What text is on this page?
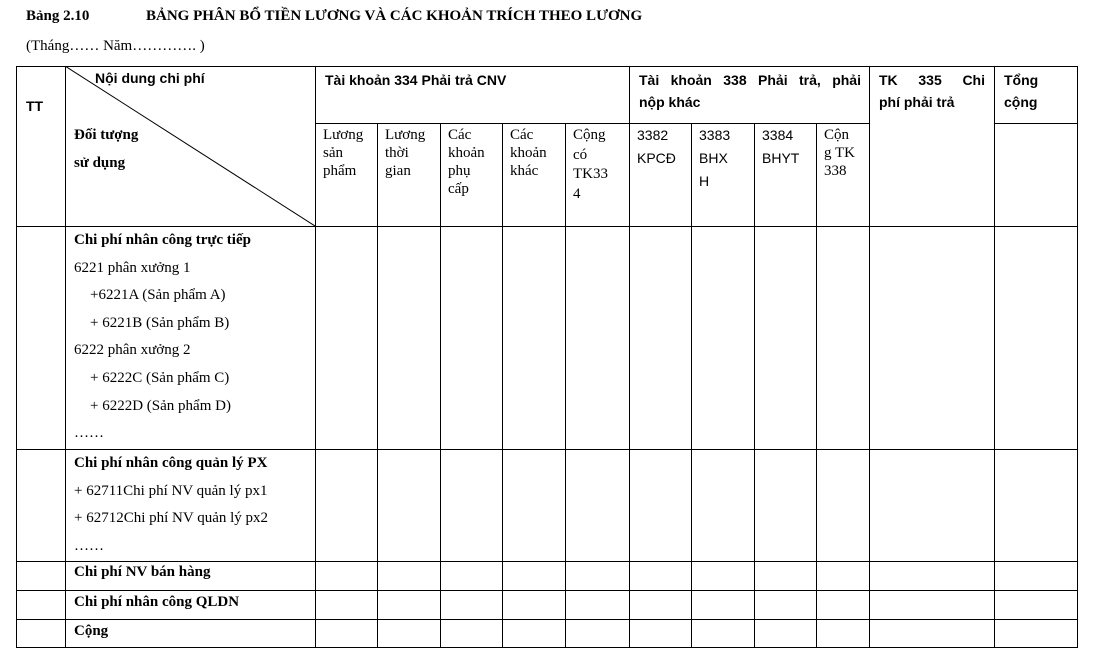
Bảng 2.10	BẢNG PHÂN BỔ TIỀN LƯƠNG VÀ CÁC KHOẢN TRÍCH THEO LƯƠNG
(Tháng…… Năm…………. )
TT
Nội dung chi phí
Đối tượng
sử dụng
Tài khoản 334 Phải trả CNV	Tài khoản 338 Phải trả, phải
nộp khác
TK 335 Chi
phí phải trả
Tổng
cộng
Lương
sản
phẩm
Lương
thời
gian
Các
khoản
phụ
cấp
Các
khoản
khác
Cộng
có
TK33
4
3382
KPCĐ
3383
BHX
H
3384
BHYT
Cộn
g TK
338
Chi phí nhân công trực tiếp
6221 phân xưởng 1
+6221A (Sản phẩm A)
+ 6221B (Sản phẩm B)
6222 phân xưởng 2
+ 6222C (Sản phẩm C)
+ 6222D (Sản phẩm D)
……
Chi phí nhân công quản lý PX
+ 62711Chi phí NV quản lý px1
+ 62712Chi phí NV quản lý px2
……
Chi phí NV bán hàng
Chi phí nhân công QLDN
Cộng
